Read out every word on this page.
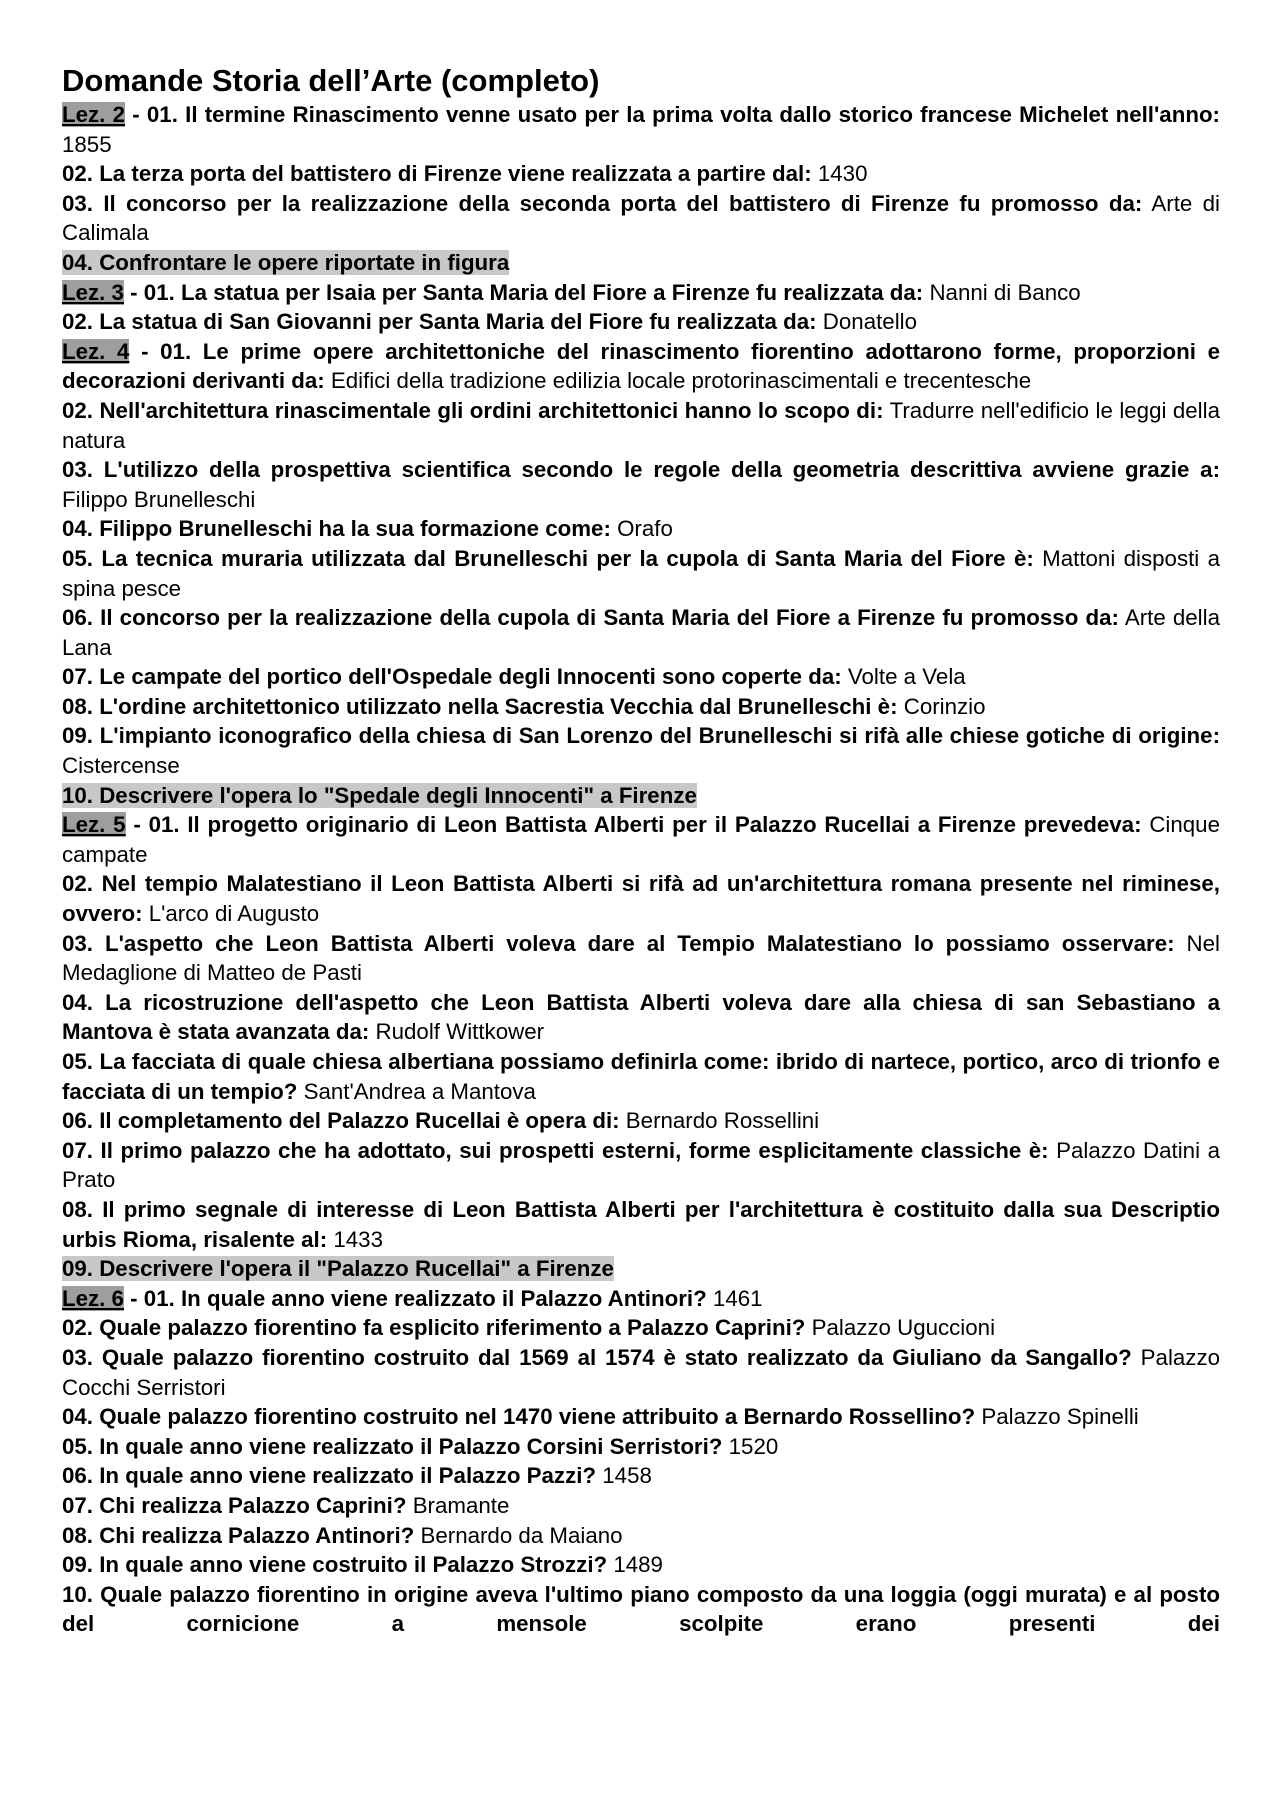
Domande Storia dell’Arte (completo)

Lez. 2 - 01. Il termine Rinascimento venne usato per la prima volta dallo storico francese Michelet nell'anno: 1855

02. La terza porta del battistero di Firenze viene realizzata a partire dal: 1430

03. Il concorso per la realizzazione della seconda porta del battistero di Firenze fu promosso da: Arte di Calimala

04. Confrontare le opere riportate in figura

Lez. 3 - 01. La statua per Isaia per Santa Maria del Fiore a Firenze fu realizzata da: Nanni di Banco

02. La statua di San Giovanni per Santa Maria del Fiore fu realizzata da: Donatello

Lez. 4 - 01. Le prime opere architettoniche del rinascimento fiorentino adottarono forme, proporzioni e decorazioni derivanti da: Edifici della tradizione edilizia locale protorinascimentali e trecentesche

02. Nell'architettura rinascimentale gli ordini architettonici hanno lo scopo di: Tradurre nell'edificio le leggi della natura

03. L'utilizzo della prospettiva scientifica secondo le regole della geometria descrittiva avviene grazie a: Filippo Brunelleschi

04. Filippo Brunelleschi ha la sua formazione come: Orafo

05. La tecnica muraria utilizzata dal Brunelleschi per la cupola di Santa Maria del Fiore è: Mattoni disposti a spina pesce

06. Il concorso per la realizzazione della cupola di Santa Maria del Fiore a Firenze fu promosso da: Arte della Lana

07. Le campate del portico dell'Ospedale degli Innocenti sono coperte da: Volte a Vela

08. L'ordine architettonico utilizzato nella Sacrestia Vecchia dal Brunelleschi è: Corinzio

09. L'impianto iconografico della chiesa di San Lorenzo del Brunelleschi si rifà alle chiese gotiche di origine: Cistercense

10. Descrivere l'opera lo "Spedale degli Innocenti" a Firenze

Lez. 5 - 01. Il progetto originario di Leon Battista Alberti per il Palazzo Rucellai a Firenze prevedeva: Cinque campate

02. Nel tempio Malatestiano il Leon Battista Alberti si rifà ad un'architettura romana presente nel riminese, ovvero: L'arco di Augusto

03. L'aspetto che Leon Battista Alberti voleva dare al Tempio Malatestiano lo possiamo osservare: Nel Medaglione di Matteo de Pasti

04. La ricostruzione dell'aspetto che Leon Battista Alberti voleva dare alla chiesa di san Sebastiano a Mantova è stata avanzata da: Rudolf Wittkower

05. La facciata di quale chiesa albertiana possiamo definirla come: ibrido di nartece, portico, arco di trionfo e facciata di un tempio? Sant'Andrea a Mantova

06. Il completamento del Palazzo Rucellai è opera di: Bernardo Rossellini

07. Il primo palazzo che ha adottato, sui prospetti esterni, forme esplicitamente classiche è: Palazzo Datini a Prato

08. Il primo segnale di interesse di Leon Battista Alberti per l'architettura è costituito dalla sua Descriptio urbis Rioma, risalente al: 1433

09. Descrivere l'opera il "Palazzo Rucellai" a Firenze

Lez. 6 - 01. In quale anno viene realizzato il Palazzo Antinori? 1461

02. Quale palazzo fiorentino fa esplicito riferimento a Palazzo Caprini? Palazzo Uguccioni

03. Quale palazzo fiorentino costruito dal 1569 al 1574 è stato realizzato da Giuliano da Sangallo? Palazzo Cocchi Serristori

04. Quale palazzo fiorentino costruito nel 1470 viene attribuito a Bernardo Rossellino? Palazzo Spinelli

05. In quale anno viene realizzato il Palazzo Corsini Serristori? 1520

06. In quale anno viene realizzato il Palazzo Pazzi? 1458

07. Chi realizza Palazzo Caprini? Bramante

08. Chi realizza Palazzo Antinori? Bernardo da Maiano

09. In quale anno viene costruito il Palazzo Strozzi? 1489

10. Quale palazzo fiorentino in origine aveva l'ultimo piano composto da una loggia (oggi murata) e al posto del cornicione a mensole scolpite erano presenti dei
